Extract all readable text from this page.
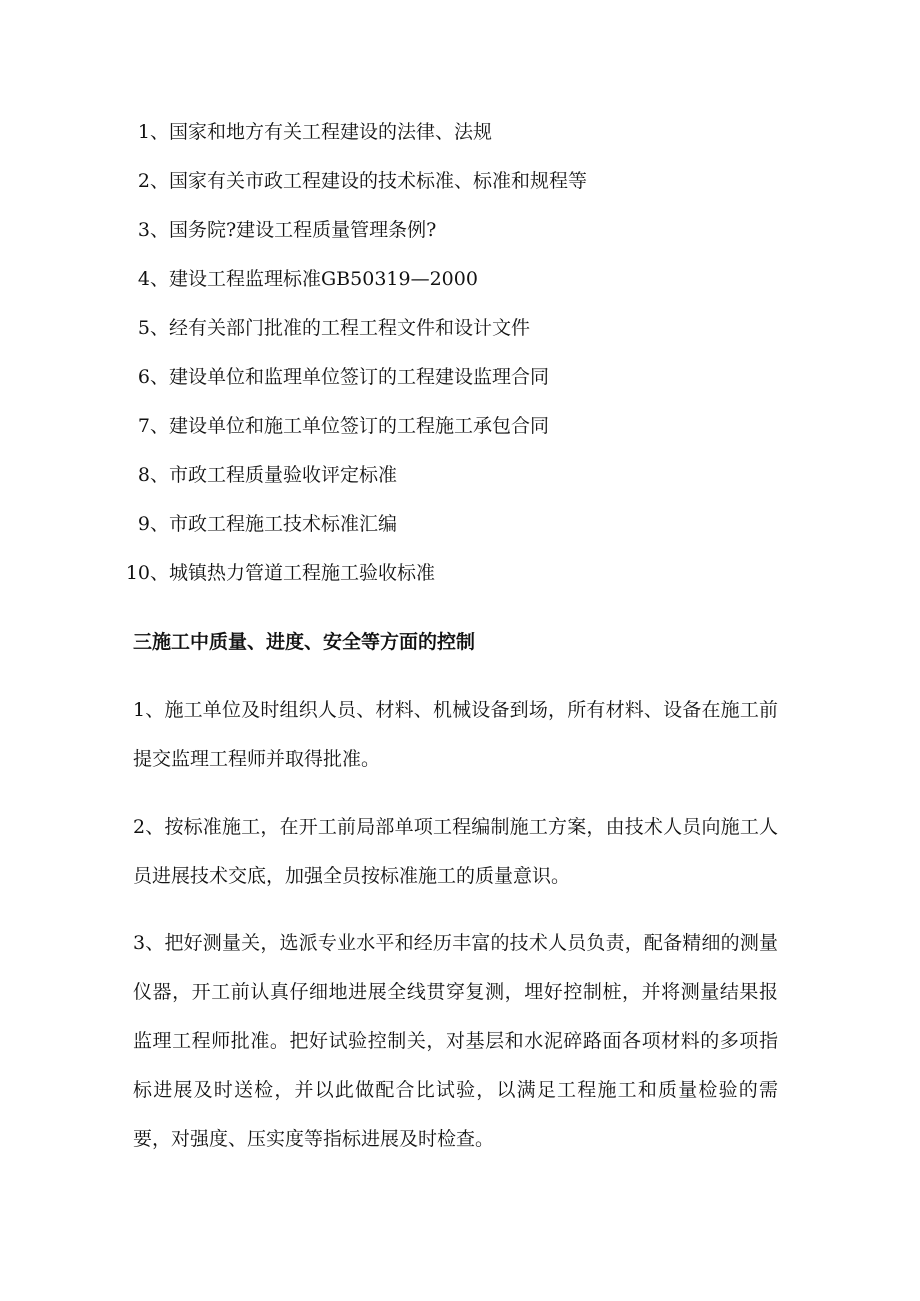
1 、国家和地方有关工程建设的法律、法规
2 、国家有关市政工程建设的技术标准、标准和规程等
3 、国务院?建设工程质量管理条例?
4 、建设工程监理标准GB50319—2000
5 、经有关部门批准的工程工程文件和设计文件
6 、建设单位和监理单位签订的工程建设监理合同
7 、建设单位和施工单位签订的工程施工承包合同
8 、市政工程质量验收评定标准
9 、市政工程施工技术标准汇编
10 、城镇热力管道工程施工验收标准
三施工中质量、进度、安全等方面的控制

1、施工单位及时组织人员、材料、机械设备到场，所有材料、设备在施工前提交监理工程师并取得批准。

2、按标准施工，在开工前局部单项工程编制施工方案，由技术人员向施工人员进展技术交底，加强全员按标准施工的质量意识。

3、把好测量关，选派专业水平和经历丰富的技术人员负责，配备精细的测量仪器，开工前认真仔细地进展全线贯穿复测，埋好控制桩，并将测量结果报监理工程师批准。把好试验控制关，对基层和水泥碎路面各项材料的多项指标进展及时送检，并以此做配合比试验，以满足工程施工和质量检验的需要，对强度、压实度等指标进展及时检查。
